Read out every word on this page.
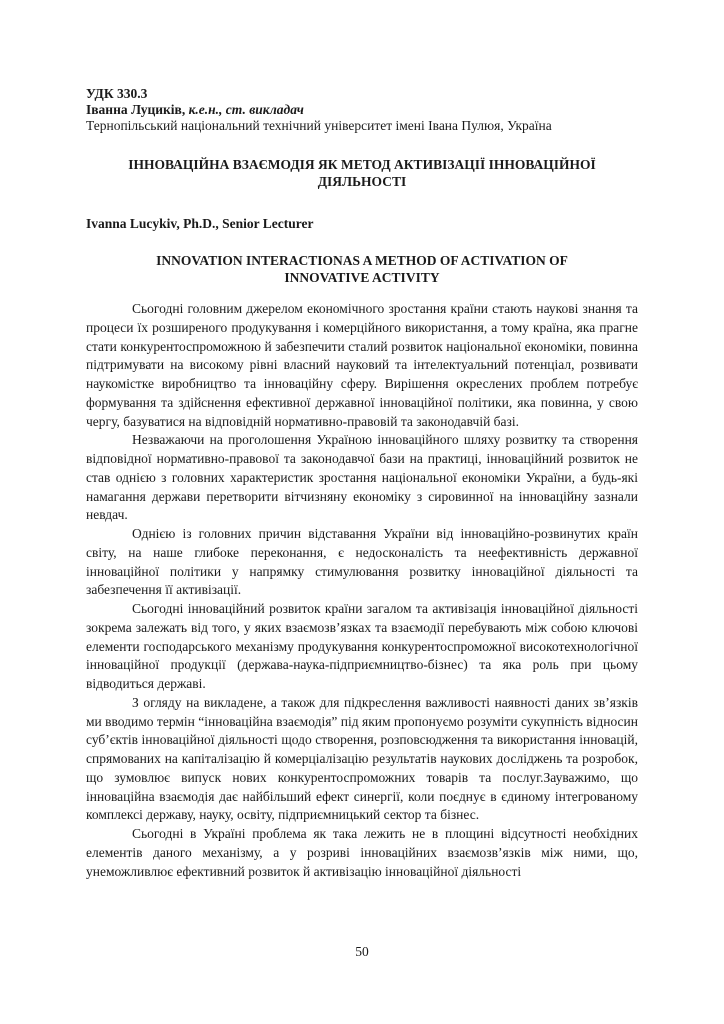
УДК 330.3

Іванна Луциків, к.е.н., ст. викладач

Тернопільський національний технічний університет імені Івана Пулюя, Україна

ІННОВАЦІЙНА ВЗАЄМОДІЯ ЯК МЕТОД АКТИВІЗАЦІЇ ІННОВАЦІЙНОЇ ДІЯЛЬНОСТІ

Ivanna Lucykiv, Ph.D., Senior Lecturer

INNOVATION INTERACTIONAS A METHOD OF ACTIVATION OF INNOVATIVE ACTIVITY

Сьогодні головним джерелом економічного зростання країни стають наукові знання та процеси їх розширеного продукування і комерційного використання, а тому країна, яка прагне стати конкурентоспроможною й забезпечити сталий розвиток національної економіки, повинна підтримувати на високому рівні власний науковий та інтелектуальний потенціал, розвивати наукомістке виробництво та інноваційну сферу. Вирішення окреслених проблем потребує формування та здійснення ефективної державної інноваційної політики, яка повинна, у свою чергу, базуватися на відповідній нормативно-правовій та законодавчій базі.

Незважаючи на проголошення Україною інноваційного шляху розвитку та створення відповідної нормативно-правової та законодавчої бази на практиці, інноваційний розвиток не став однією з головних характеристик зростання національної економіки України, а будь-які намагання держави перетворити вітчизняну економіку з сировинної на інноваційну зазнали невдач.

Однією із головних причин відставання України від інноваційно-розвинутих країн світу, на наше глибоке переконання, є недосконалість та неефективність державної інноваційної політики у напрямку стимулювання розвитку інноваційної діяльності та забезпечення її активізації.

Сьогодні інноваційний розвиток країни загалом та активізація інноваційної діяльності зокрема залежать від того, у яких взаємозв’язках та взаємодії перебувають між собою ключові елементи господарського механізму продукування конкурентоспроможної високотехнологічної інноваційної продукції (держава-наука-підприємництво-бізнес) та яка роль при цьому відводиться державі.

З огляду на викладене, а також для підкреслення важливості наявності даних зв’язків ми вводимо термін “інноваційна взаємодія” під яким пропонуємо розуміти сукупність відносин суб’єктів інноваційної діяльності щодо створення, розповсюдження та використання інновацій, спрямованих на капіталізацію й комерціалізацію результатів наукових досліджень та розробок, що зумовлює випуск нових конкурентоспроможних товарів та послуг.Зауважимо, що інноваційна взаємодія дає найбільший ефект синергії, коли поєднує в єдиному інтегрованому комплексі державу, науку, освіту, підприємницький сектор та бізнес.

Сьогодні в Україні проблема як така лежить не в площині відсутності необхідних елементів даного механізму, а у розриві інноваційних взаємозв’язків між ними, що, унеможливлює ефективний розвиток й активізацію інноваційної діяльності

50
